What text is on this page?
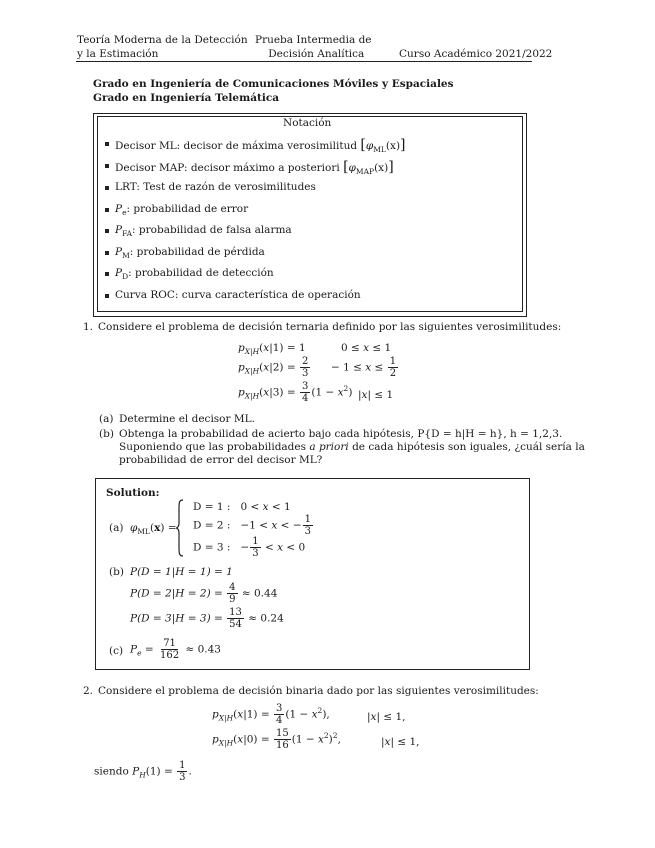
Teoría Moderna de la Detección
y la Estimación
Prueba Intermedia de
Decisión Analítica	Curso Académico 2021/2022
Grado en Ingeniería de Comunicaciones Móviles y Espaciales
Grado en Ingeniería Telemática
Notación
Decisor ML: decisor de máxima verosimilitud $[\varphi_{ML}(x)]$
Decisor MAP: decisor máximo a posteriori $[\varphi_{MAP}(x)]$
LRT: Test de razón de verosimilitudes
$P_e$: probabilidad de error
$P_{FA}$: probabilidad de falsa alarma
$P_M$: probabilidad de pérdida
$P_D$: probabilidad de detección
Curva ROC: curva característica de operación
1. Considere el problema de decisión ternaria definido por las siguientes verosimilitudes:
$p_{X|H}(x|1) = 1$	0 ≤ x ≤ 1
$p_{X|H}(x|2) = \frac{2}{3} - 1 \le x \le \frac{1}{2}$
$p_{X|H}(x|3) = \frac{3}{4} (1 - x^2) |x| \le 1$
(a) Determine el decisor ML.
(b) Obtenga la probabilidad de acierto bajo cada hipótesis, P{D = h|H = h}, h = 1,2,3.
Suponiendo que las probabilidades a priori de cada hipótesis son iguales, ¿cuál sería la
probabilidad de error del decisor ML?
Solution:
(a) $\varphi_{ML}(x)$ =
D = 1 :   0 < x < 1
D = 2 :   −1 < x < − $\frac{1}{3}$
D = 3 :   − $\frac{1}{3} < x < 0$
(b) P(D = 1|H = 1) = 1
$P(D = 2|H = 2) = \frac{4}{9} \approx 0.44$
$P(D = 3|H = 3) = \frac{13}{54} \approx 0.24$
(c) $P_e = \frac{71}{162} \approx 0.43$
2. Considere el problema de decisión binaria dado por las siguientes verosimilitudes:
$p_{X|H}(x|1) = \frac{3}{4} (1 - x^2)$,	|x| ≤ 1,
$p_{X|H}(x|0) = \frac{15}{16} (1 - x^2)^2$,	|x| ≤ 1,
siendo $P_H(1) = \frac{1}{3}$ .
